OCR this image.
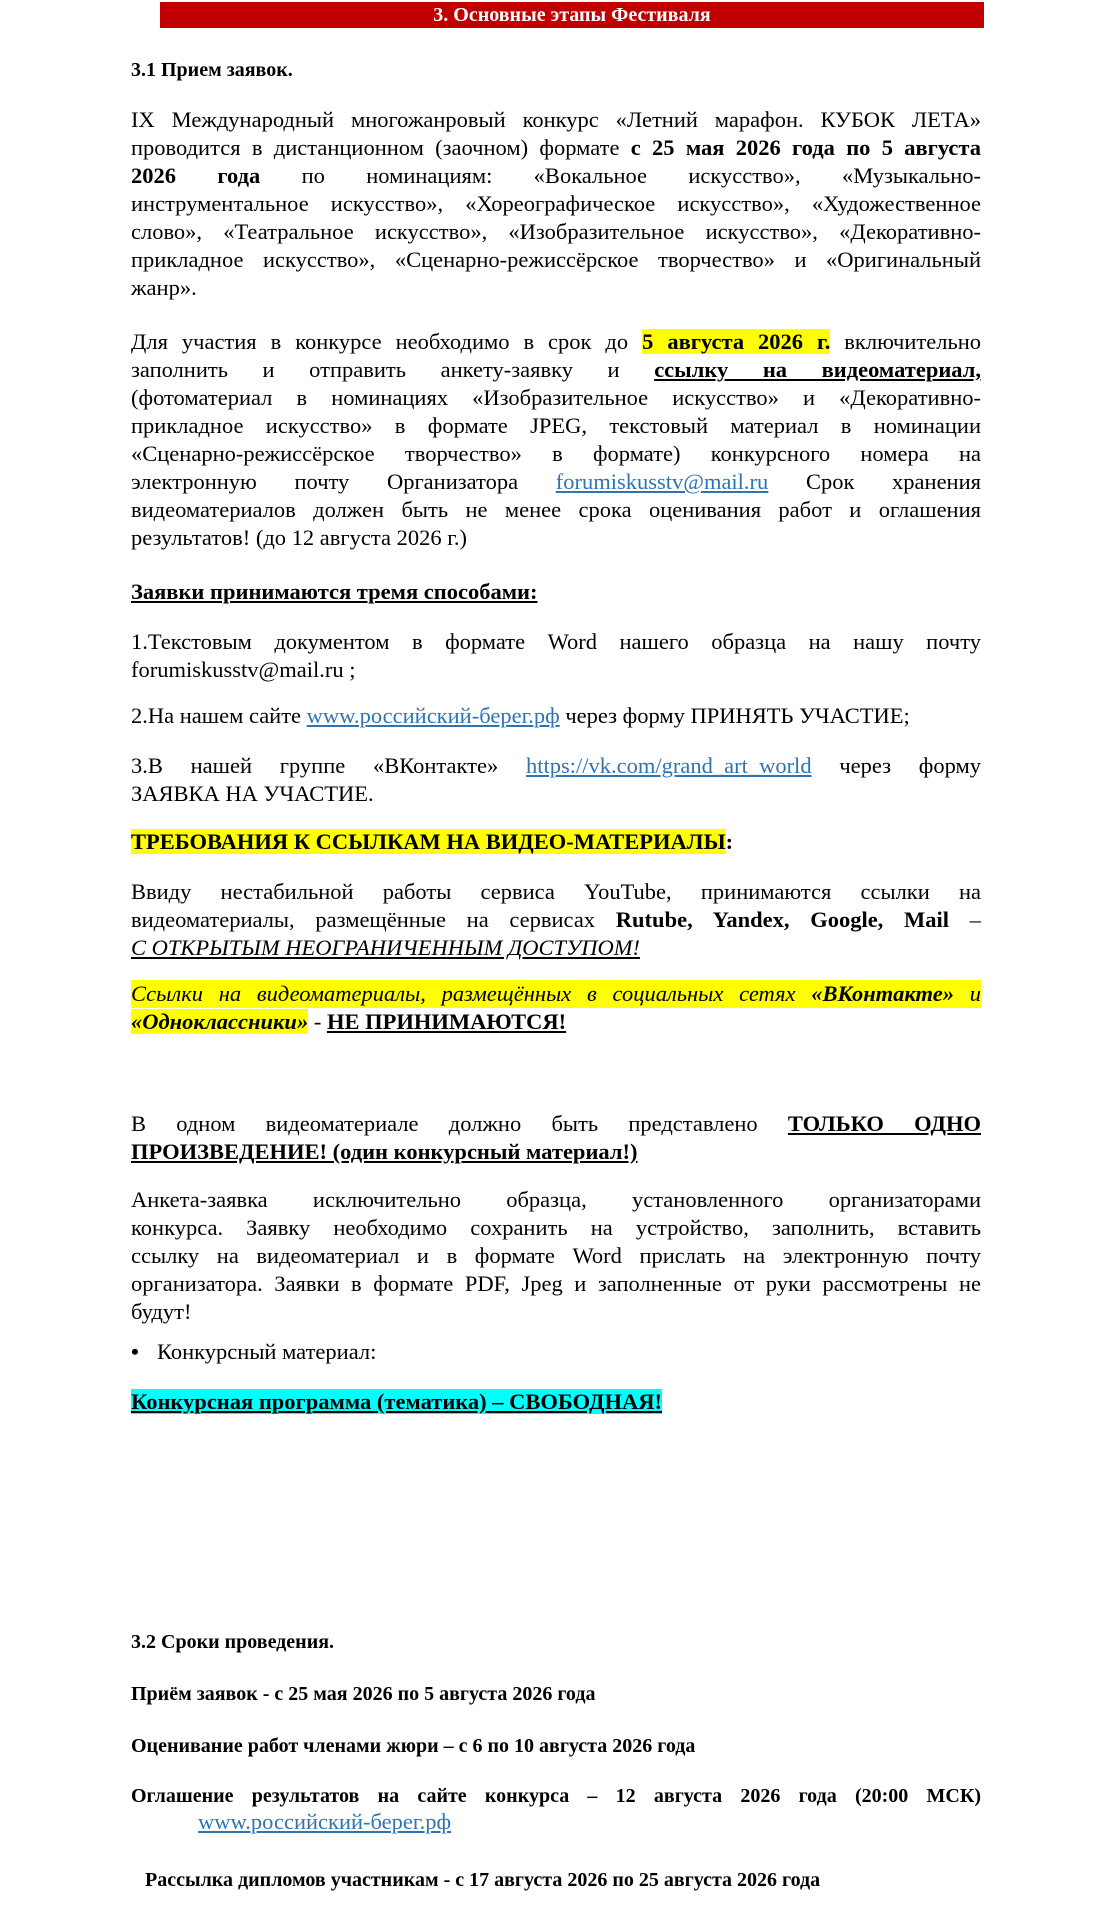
3. Основные этапы Фестиваля
3.1 Прием заявок.
IX Международный многожанровый конкурс «Летний марафон. КУБОК ЛЕТА»
проводится в дистанционном (заочном) формате с 25 мая 2026 года по 5 августа
2026 года по номинациям: «Вокальное искусство», «Музыкально-
инструментальное искусство», «Хореографическое искусство», «Художественное
слово», «Театральное искусство», «Изобразительное искусство», «Декоративно-
прикладное искусство», «Сценарно-режиссёрское творчество» и «Оригинальный
жанр».
Для участия в конкурсе необходимо в срок до 5 августа 2026 г. включительно
заполнить и отправить анкету-заявку и ссылку на видеоматериал,
(фотоматериал в номинациях «Изобразительное искусство» и «Декоративно-
прикладное искусство» в формате JPEG, текстовый материал в номинации
«Сценарно-режиссёрское творчество» в формате) конкурсного номера на
электронную почту Организатора forumiskusstv@mail.ru Срок хранения
видеоматериалов должен быть не менее срока оценивания работ и оглашения
результатов! (до 12 августа 2026 г.)
Заявки принимаются тремя способами:
1.Текстовым документом в формате Word нашего образца на нашу почту
forumiskusstv@mail.ru ;
2.На нашем сайте www.российский-берег.рф через форму ПРИНЯТЬ УЧАСТИЕ;
3.В нашей группе «ВКонтакте» https://vk.com/grand_art_world через форму
ЗАЯВКА НА УЧАСТИЕ.
ТРЕБОВАНИЯ К ССЫЛКАМ НА ВИДЕО-МАТЕРИАЛЫ:
Ввиду нестабильной работы сервиса YouTube, принимаются ссылки на
видеоматериалы, размещённые на сервисах Rutube, Yandex, Google, Mail –
С ОТКРЫТЫМ НЕОГРАНИЧЕННЫМ ДОСТУПОМ!
Ссылки на видеоматериалы, размещённых в социальных сетях «ВКонтакте» и
«Одноклассники» - НЕ ПРИНИМАЮТСЯ!
В одном видеоматериале должно быть представлено ТОЛЬКО ОДНО
ПРОИЗВЕДЕНИЕ! (один конкурсный материал!)
Анкета-заявка исключительно образца, установленного организаторами
конкурса. Заявку необходимо сохранить на устройство, заполнить, вставить
ссылку на видеоматериал и в формате Word прислать на электронную почту
организатора. Заявки в формате PDF, Jpeg и заполненные от руки рассмотрены не
будут!
• Конкурсный материал:
Конкурсная программа (тематика) – СВОБОДНАЯ!
3.2 Сроки проведения.
Приём заявок - с 25 мая 2026 по 5 августа 2026 года
Оценивание работ членами жюри – с 6 по 10 августа 2026 года
Оглашение результатов на сайте конкурса – 12 августа 2026 года (20:00 МСК)
www.российский-берег.рф
Рассылка дипломов участникам - с 17 августа 2026 по 25 августа 2026 года
